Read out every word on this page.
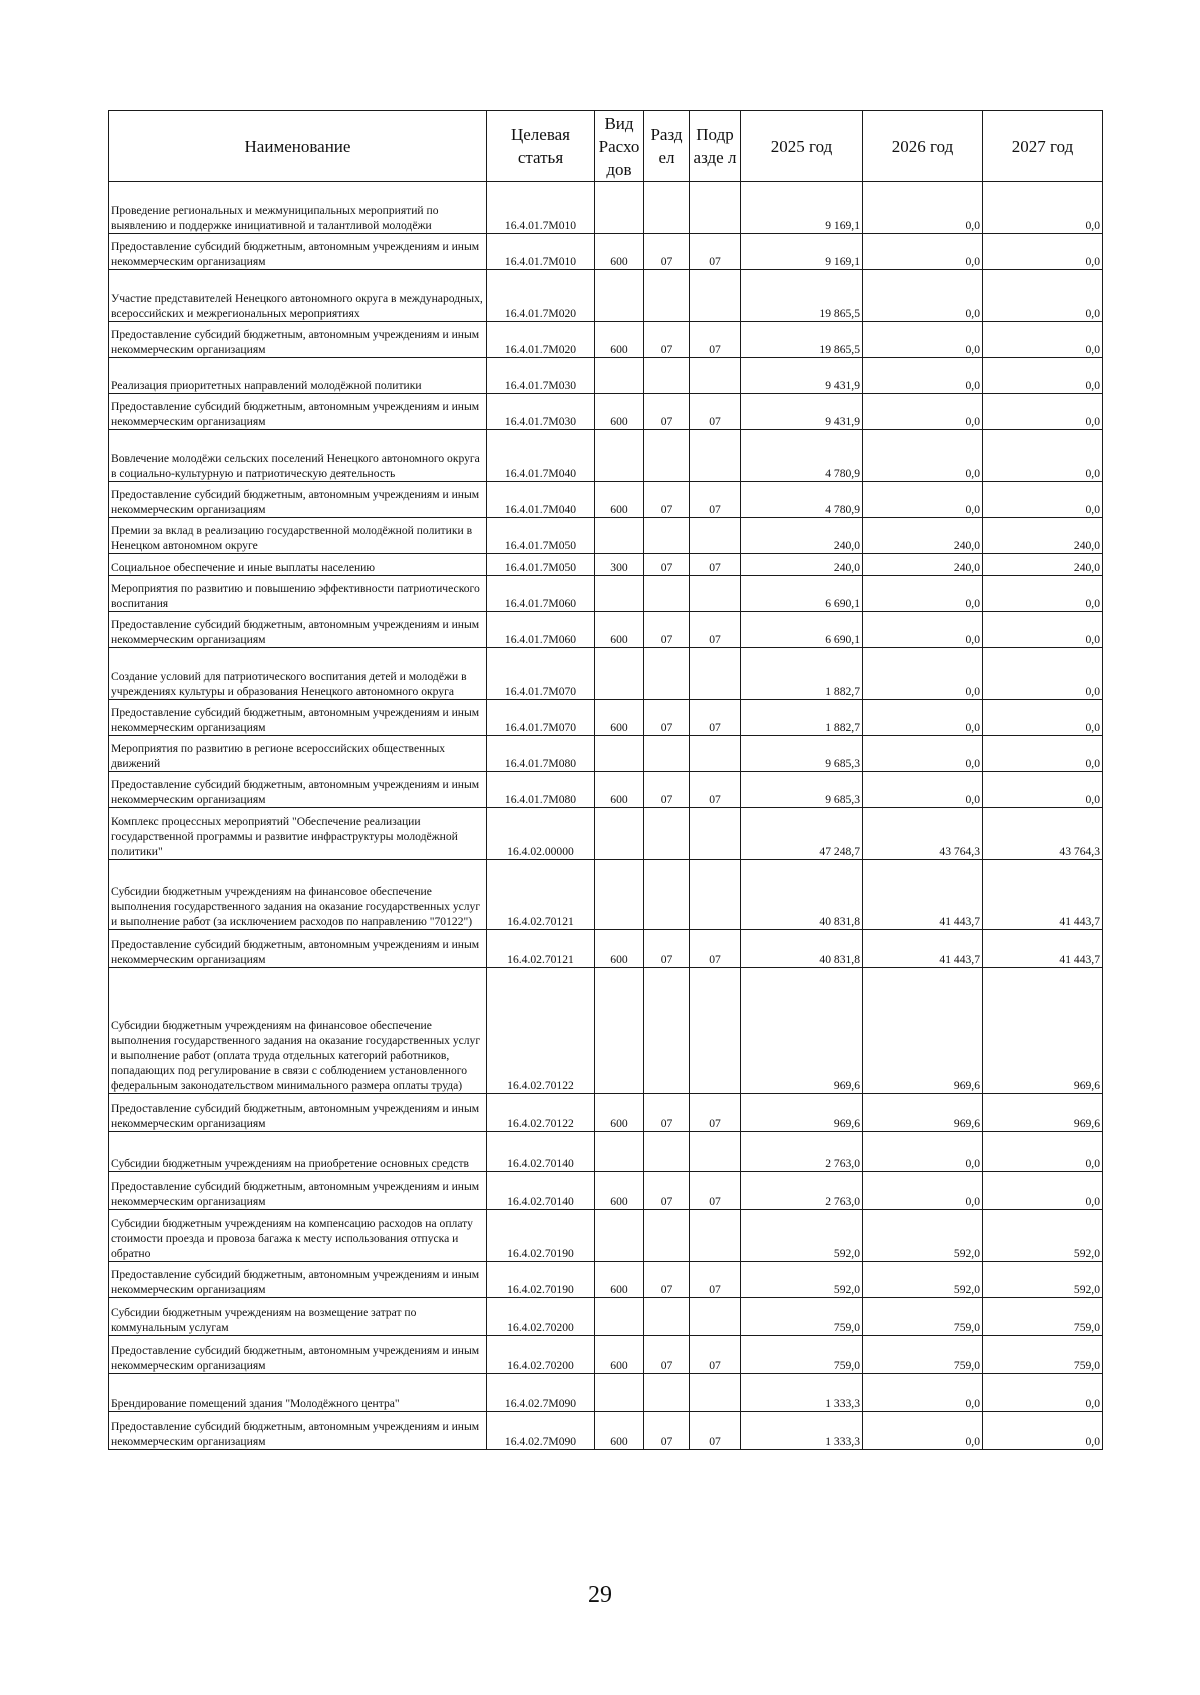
Наименование	Целевая статья	Вид Расхо дов	Разд ел	Подр азде л	2025 год	2026 год	2027 год
Проведение региональных и межмуниципальных мероприятий по выявлению и поддержке инициативной и талантливой молодёжи	16.4.01.7М010				9 169,1	0,0	0,0
Предоставление субсидий бюджетным, автономным учреждениям и иным некоммерческим организациям	16.4.01.7М010	600	07	07	9 169,1	0,0	0,0
Участие представителей Ненецкого автономного округа в международных, всероссийских и межрегиональных мероприятиях	16.4.01.7М020				19 865,5	0,0	0,0
Предоставление субсидий бюджетным, автономным учреждениям и иным некоммерческим организациям	16.4.01.7М020	600	07	07	19 865,5	0,0	0,0
Реализация приоритетных направлений молодёжной политики	16.4.01.7М030				9 431,9	0,0	0,0
Предоставление субсидий бюджетным, автономным учреждениям и иным некоммерческим организациям	16.4.01.7М030	600	07	07	9 431,9	0,0	0,0
Вовлечение молодёжи сельских поселений Ненецкого автономного округа в социально-культурную и патриотическую деятельность	16.4.01.7М040				4 780,9	0,0	0,0
Предоставление субсидий бюджетным, автономным учреждениям и иным некоммерческим организациям	16.4.01.7М040	600	07	07	4 780,9	0,0	0,0
Премии за вклад в реализацию государственной молодёжной политики в Ненецком автономном округе	16.4.01.7М050				240,0	240,0	240,0
Социальное обеспечение и иные выплаты населению	16.4.01.7М050	300	07	07	240,0	240,0	240,0
Мероприятия по развитию и повышению эффективности патриотического воспитания	16.4.01.7М060				6 690,1	0,0	0,0
Предоставление субсидий бюджетным, автономным учреждениям и иным некоммерческим организациям	16.4.01.7М060	600	07	07	6 690,1	0,0	0,0
Создание условий для патриотического воспитания детей и молодёжи в учреждениях культуры и образования Ненецкого автономного округа	16.4.01.7М070				1 882,7	0,0	0,0
Предоставление субсидий бюджетным, автономным учреждениям и иным некоммерческим организациям	16.4.01.7М070	600	07	07	1 882,7	0,0	0,0
Мероприятия по развитию в регионе всероссийских общественных движений	16.4.01.7М080				9 685,3	0,0	0,0
Предоставление субсидий бюджетным, автономным учреждениям и иным некоммерческим организациям	16.4.01.7М080	600	07	07	9 685,3	0,0	0,0
Комплекс процессных мероприятий "Обеспечение реализации государственной программы и развитие инфраструктуры молодёжной политики"	16.4.02.00000				47 248,7	43 764,3	43 764,3
Субсидии бюджетным учреждениям на финансовое обеспечение выполнения государственного задания на оказание государственных услуг и выполнение работ (за исключением расходов по направлению "70122")	16.4.02.70121				40 831,8	41 443,7	41 443,7
Предоставление субсидий бюджетным, автономным учреждениям и иным некоммерческим организациям	16.4.02.70121	600	07	07	40 831,8	41 443,7	41 443,7
Субсидии бюджетным учреждениям на финансовое обеспечение выполнения государственного задания на оказание государственных услуг и выполнение работ (оплата труда отдельных категорий работников, попадающих под регулирование в связи с соблюдением установленного федеральным законодательством минимального размера оплаты труда)	16.4.02.70122				969,6	969,6	969,6
Предоставление субсидий бюджетным, автономным учреждениям и иным некоммерческим организациям	16.4.02.70122	600	07	07	969,6	969,6	969,6
Субсидии бюджетным учреждениям на приобретение основных средств	16.4.02.70140				2 763,0	0,0	0,0
Предоставление субсидий бюджетным, автономным учреждениям и иным некоммерческим организациям	16.4.02.70140	600	07	07	2 763,0	0,0	0,0
Субсидии бюджетным учреждениям на компенсацию расходов на оплату стоимости проезда и провоза багажа к месту использования отпуска и обратно	16.4.02.70190				592,0	592,0	592,0
Предоставление субсидий бюджетным, автономным учреждениям и иным некоммерческим организациям	16.4.02.70190	600	07	07	592,0	592,0	592,0
Субсидии бюджетным учреждениям на возмещение затрат по коммунальным услугам	16.4.02.70200				759,0	759,0	759,0
Предоставление субсидий бюджетным, автономным учреждениям и иным некоммерческим организациям	16.4.02.70200	600	07	07	759,0	759,0	759,0
Брендирование помещений здания "Молодёжного центра"	16.4.02.7М090				1 333,3	0,0	0,0
Предоставление субсидий бюджетным, автономным учреждениям и иным некоммерческим организациям	16.4.02.7М090	600	07	07	1 333,3	0,0	0,0
29
